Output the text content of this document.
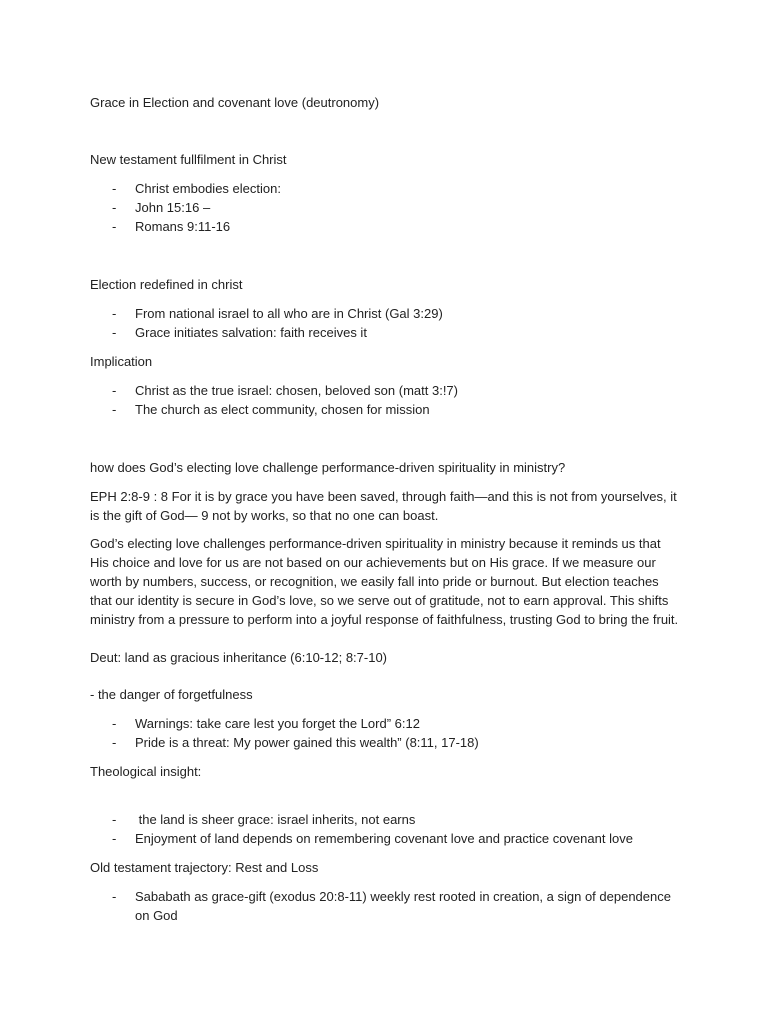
Grace in Election and covenant love (deutronomy)

New testament fullfilment in Christ

- Christ embodies election:
- John 15:16 –
- Romans 9:11-16

Election redefined in christ

- From national israel to all who are in Christ (Gal 3:29)
- Grace initiates salvation: faith receives it

Implication

- Christ as the true israel: chosen, beloved son (matt 3:!7)
- The church as elect community, chosen for mission

how does God’s electing love challenge performance-driven spirituality in ministry?

EPH 2:8-9 : 8 For it is by grace you have been saved, through faith—and this is not from yourselves, it is the gift of God— 9 not by works, so that no one can boast.

God’s electing love challenges performance-driven spirituality in ministry because it reminds us that His choice and love for us are not based on our achievements but on His grace. If we measure our worth by numbers, success, or recognition, we easily fall into pride or burnout. But election teaches that our identity is secure in God’s love, so we serve out of gratitude, not to earn approval. This shifts ministry from a pressure to perform into a joyful response of faithfulness, trusting God to bring the fruit.

Deut: land as gracious inheritance (6:10-12; 8:7-10)

- the danger of forgetfulness

- Warnings: take care lest you forget the Lord” 6:12
- Pride is a threat: My power gained this wealth” (8:11, 17-18)

Theological insight:

- the land is sheer grace: israel inherits, not earns
- Enjoyment of land depends on remembering covenant love and practice covenant love

Old testament trajectory: Rest and Loss

- Sababath as grace-gift (exodus 20:8-11) weekly rest rooted in creation, a sign of dependence on God
